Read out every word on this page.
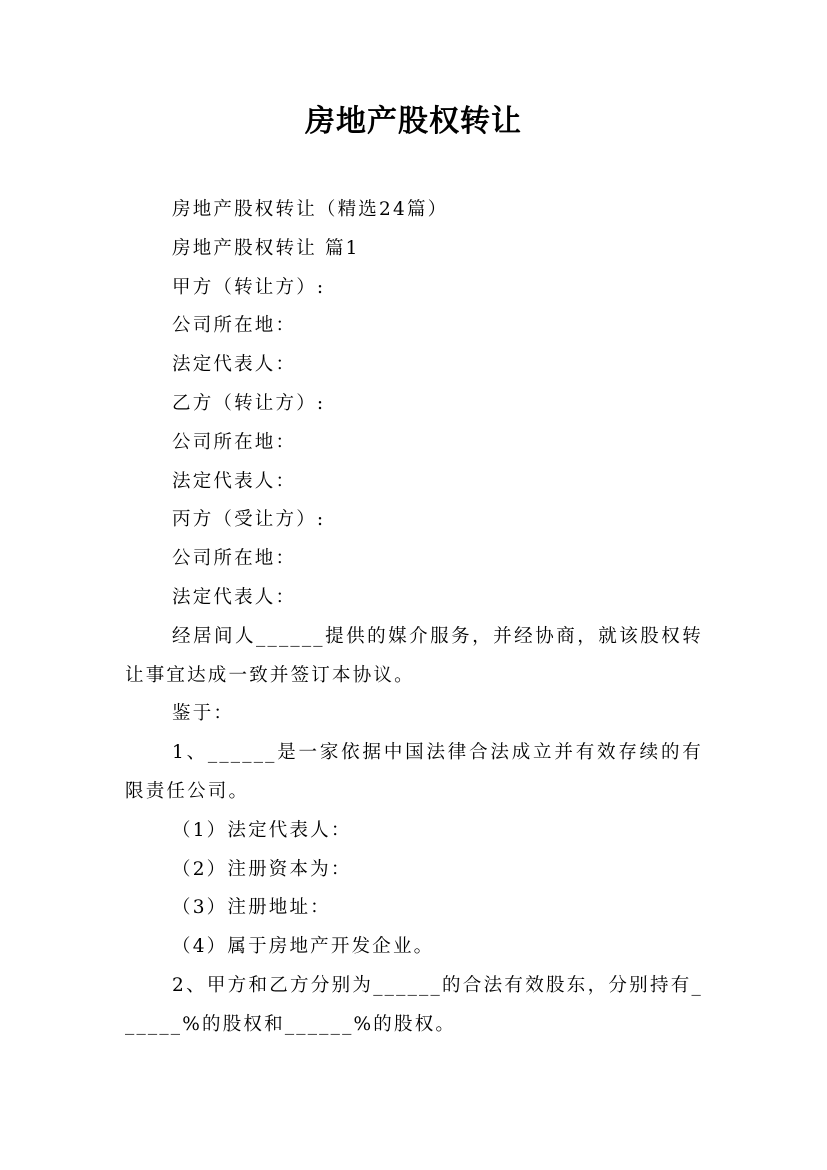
房地产股权转让

房地产股权转让（精选24篇）

房地产股权转让 篇1

甲方（转让方）:

公司所在地：

法定代表人：

乙方（转让方）:

公司所在地：

法定代表人：

丙方（受让方）:

公司所在地：

法定代表人：

经居间人______提供的媒介服务，并经协商，就该股权转让事宜达成一致并签订本协议。

鉴于：

1、______是一家依据中国法律合法成立并有效存续的有限责任公司。

（1）法定代表人：

（2）注册资本为：

（3）注册地址：

（4）属于房地产开发企业。

2、甲方和乙方分别为______的合法有效股东，分别持有______%的股权和______%的股权。
